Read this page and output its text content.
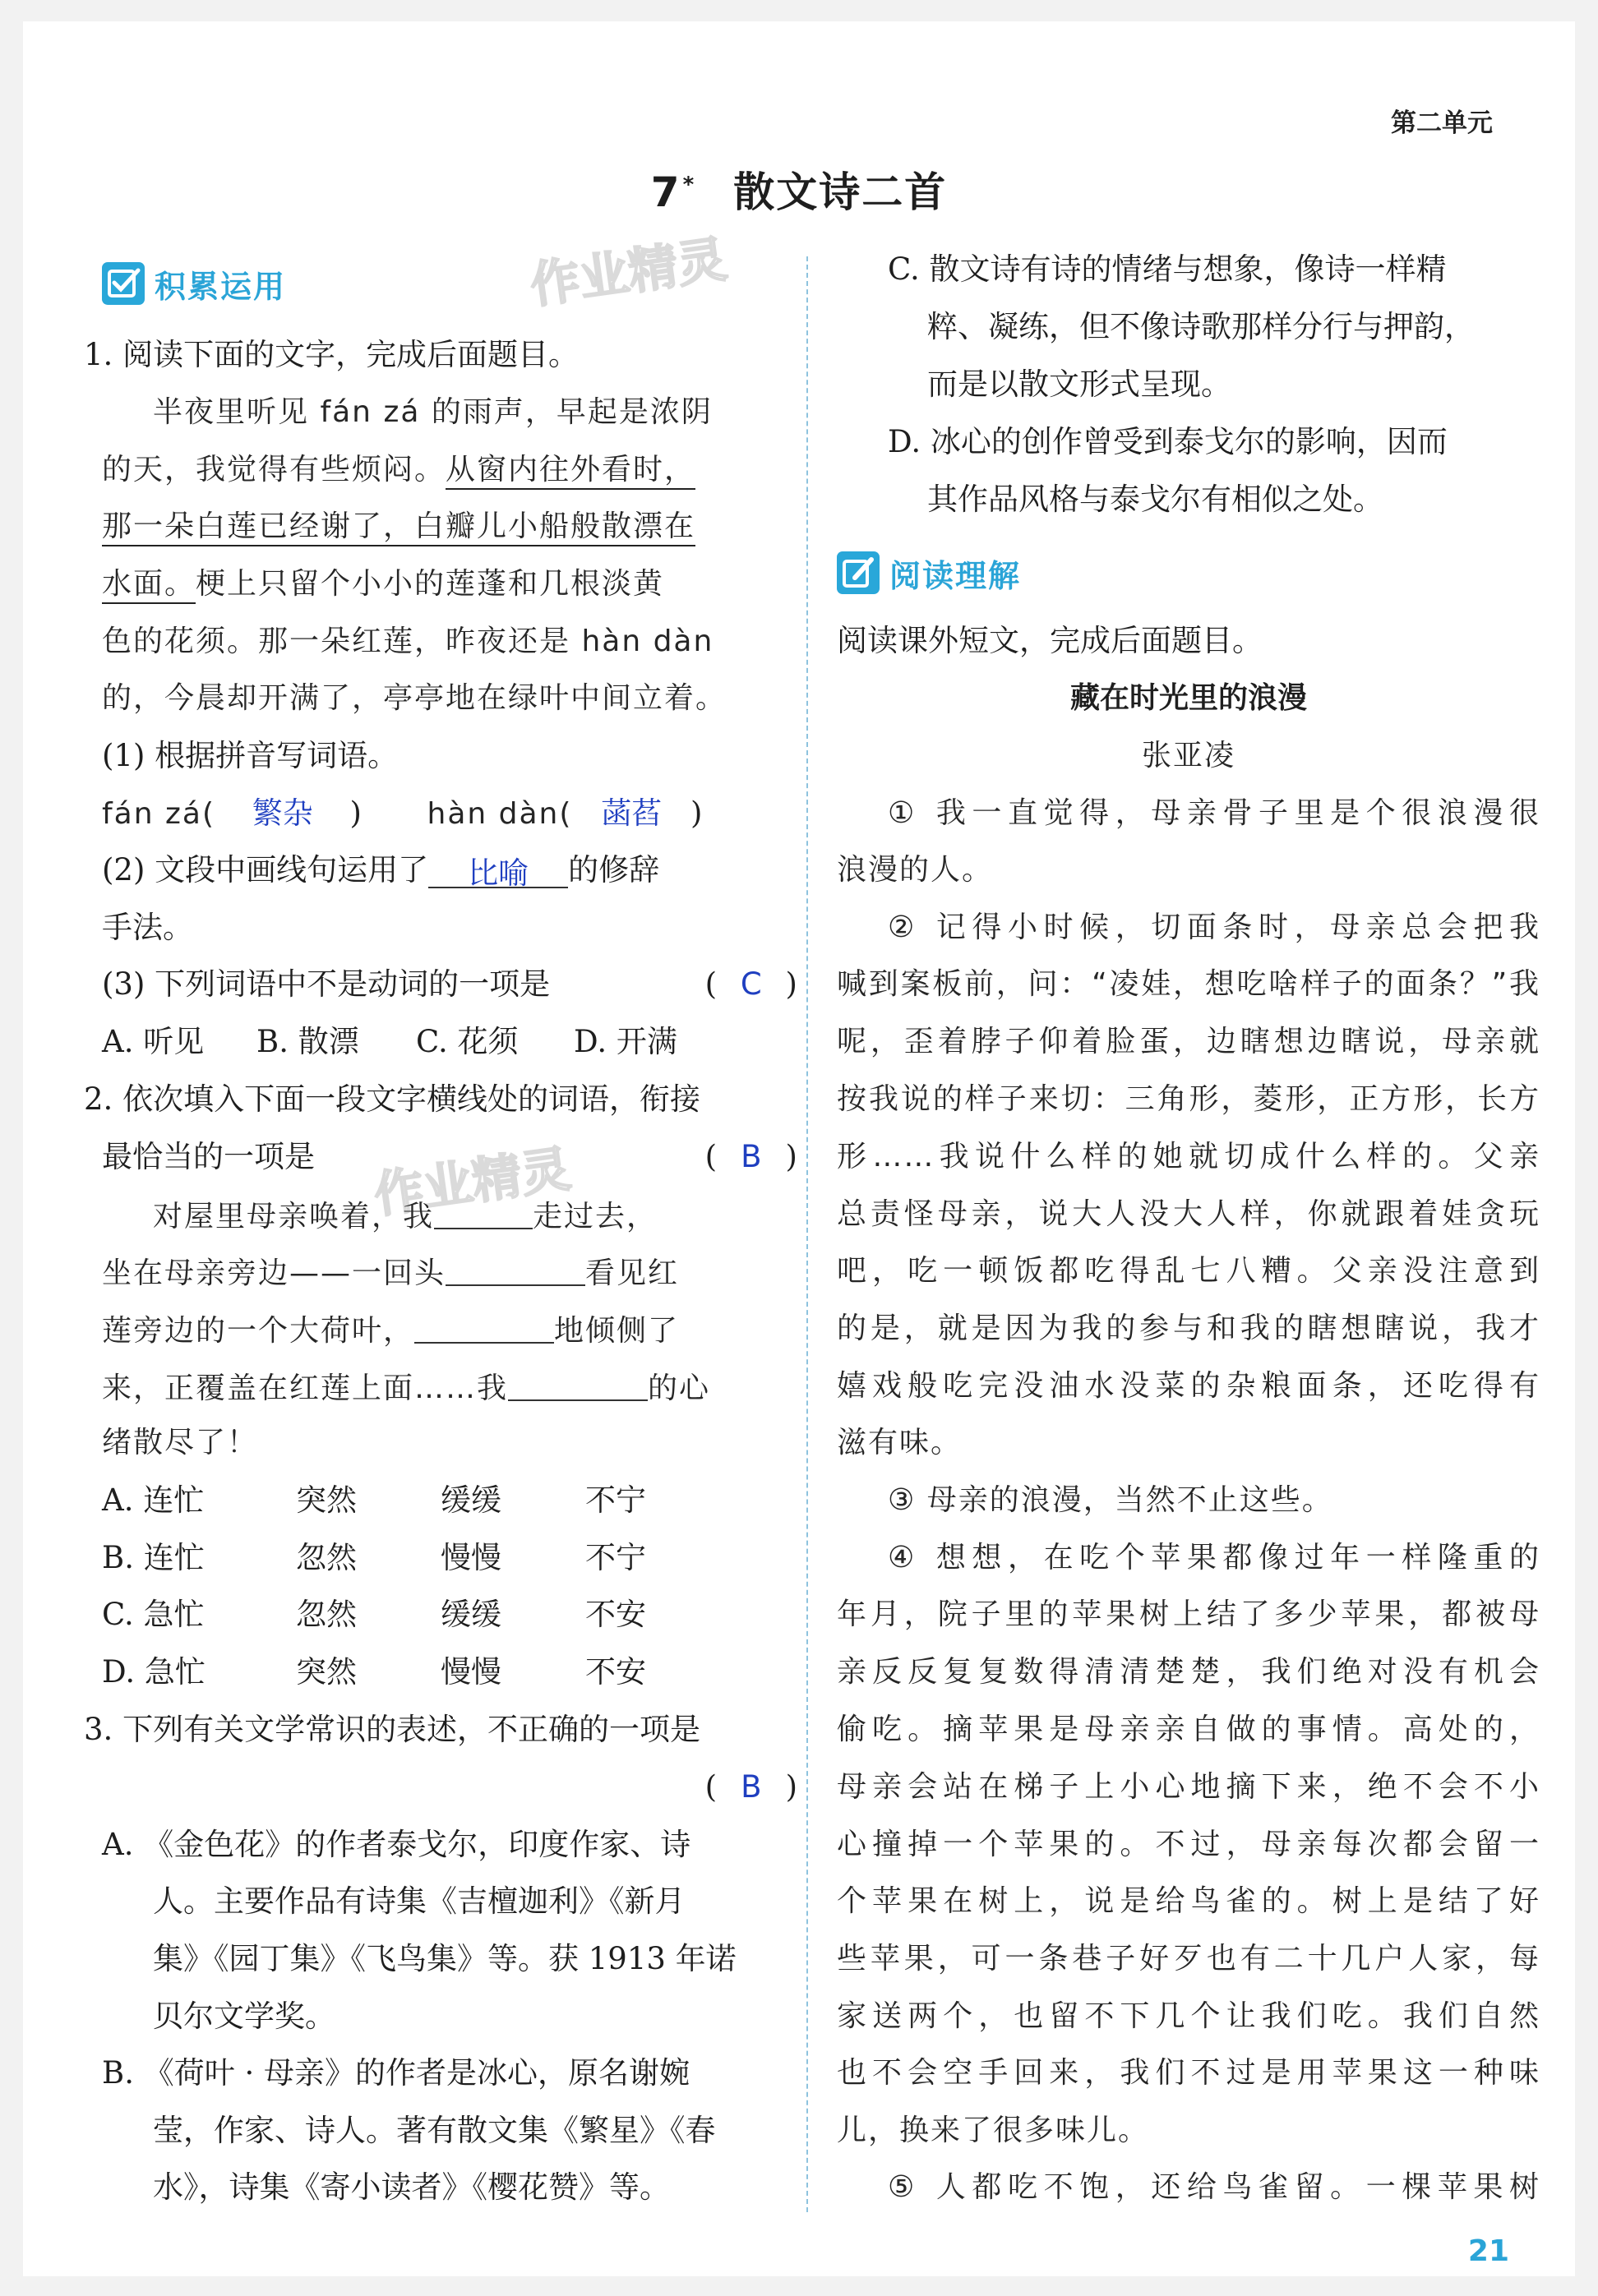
第二单元
7* 散文诗二首
积累运用	作业精灵
1. 阅读下面的文字，完成后面题目。
半夜里听见 fán zá 的雨声，早起是浓阴
的天，我觉得有些烦闷。从窗内往外看时，
那一朵白莲已经谢了，白瓣儿小船般散漂在
水面。梗上只留个小小的莲蓬和几根淡黄
色的花须。那一朵红莲，昨夜还是 hàn dàn
的，今晨却开满了，亭亭地在绿叶中间立着。
(1) 根据拼音写词语。
fán zá( 繁杂 ) hàn dàn( 菡萏 )
(2) 文段中画线句运用了 比喻 的修辞
手法。
(3) 下列词语中不是动词的一项是	( C )
A. 听见 B. 散漂 C. 花须 D. 开满
2. 依次填入下面一段文字横线处的词语，衔接
最恰当的一项是	( B )
作业精灵
对屋里母亲唤着，我	走过去，
坐在母亲旁边——一回头	看见红
莲旁边的一个大荷叶，	地倾侧了
来，正覆盖在红莲上面……我	的心
绪散尽了！
A. 连忙	突然	缓缓	不宁
B. 连忙	忽然	慢慢	不宁
C. 急忙	忽然	缓缓	不安
D. 急忙	突然	慢慢	不安
3. 下列有关文学常识的表述，不正确的一项是
( B )
A. 《金色花》的作者泰戈尔，印度作家、诗
人。主要作品有诗集《吉檀迦利》《新月
集》《园丁集》《飞鸟集》等。获 1913 年诺
贝尔文学奖。
B. 《荷叶 · 母亲》的作者是冰心，原名谢婉
莹，作家、诗人。著有散文集《繁星》《春
水》，诗集《寄小读者》《樱花赞》等。
C. 散文诗有诗的情绪与想象，像诗一样精
粹、凝练，但不像诗歌那样分行与押韵，
而是以散文形式呈现。
D. 冰心的创作曾受到泰戈尔的影响，因而
其作品风格与泰戈尔有相似之处。
阅读理解
阅读课外短文，完成后面题目。
藏在时光里的浪漫
张亚凌
① 我一直觉得，母亲骨子里是个很浪漫很
浪漫的人。
② 记得小时候，切面条时，母亲总会把我
喊到案板前，问：“凌娃，想吃啥样子的面条？”我
呢，歪着脖子仰着脸蛋，边瞎想边瞎说，母亲就
按我说的样子来切：三角形，菱形，正方形，长方
形……我说什么样的她就切成什么样的。父亲
总责怪母亲，说大人没大人样，你就跟着娃贪玩
吧，吃一顿饭都吃得乱七八糟。父亲没注意到
的是，就是因为我的参与和我的瞎想瞎说，我才
嬉戏般吃完没油水没菜的杂粮面条，还吃得有
滋有味。
③ 母亲的浪漫，当然不止这些。
④ 想想，在吃个苹果都像过年一样隆重的
年月，院子里的苹果树上结了多少苹果，都被母
亲反反复复数得清清楚楚，我们绝对没有机会
偷吃。摘苹果是母亲亲自做的事情。高处的，
母亲会站在梯子上小心地摘下来，绝不会不小
心撞掉一个苹果的。不过，母亲每次都会留一
个苹果在树上，说是给鸟雀的。树上是结了好
些苹果，可一条巷子好歹也有二十几户人家，每
家送两个，也留不下几个让我们吃。我们自然
也不会空手回来，我们不过是用苹果这一种味
儿，换来了很多味儿。
⑤ 人都吃不饱，还给鸟雀留。一棵苹果树
21
